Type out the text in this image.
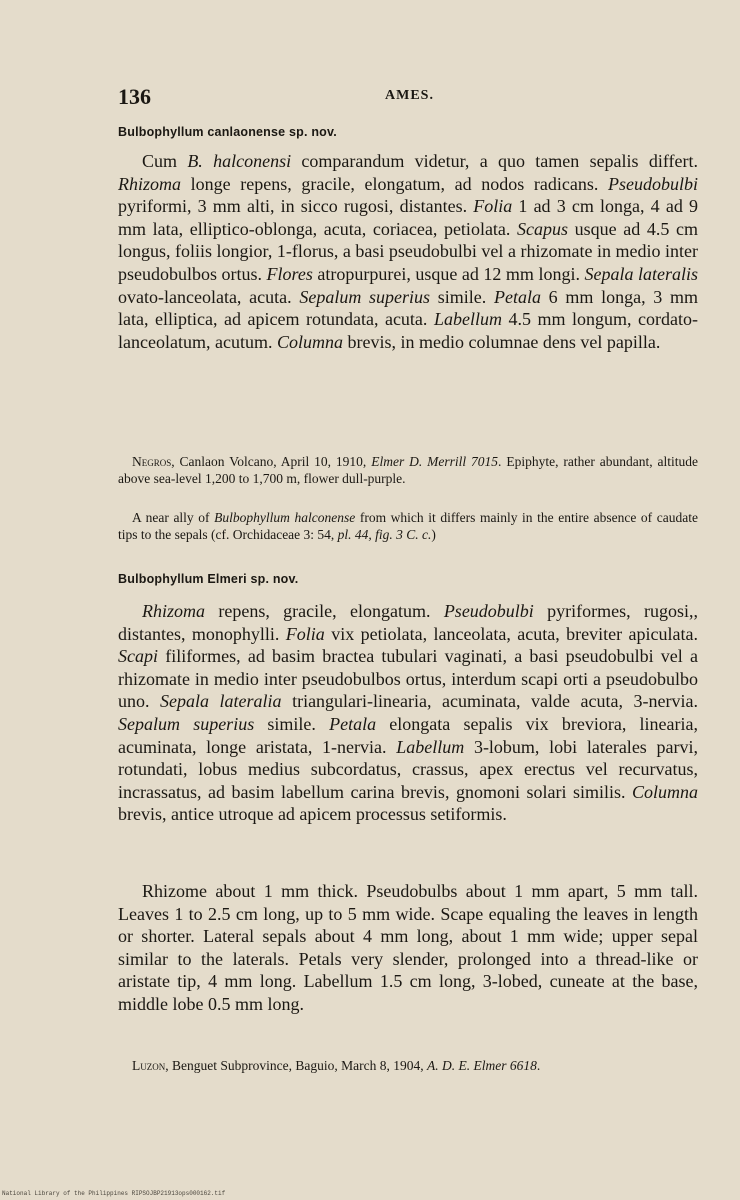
136	AMES.
Bulbophyllum canlaonense sp. nov.

Cum B. halconensi comparandum videtur, a quo tamen sepalis differt. Rhizoma longe repens, gracile, elongatum, ad nodos radicans. Pseudobulbi pyriformi, 3 mm alti, in sicco rugosi, distantes. Folia 1 ad 3 cm longa, 4 ad 9 mm lata, elliptico-oblonga, acuta, coriacea, petiolata. Scapus usque ad 4.5 cm longus, foliis longior, 1-florus, a basi pseudobulbi vel a rhizomate in medio inter pseudobulbos ortus. Flores atropurpurei, usque ad 12 mm longi. Sepala lateralis ovato-lanceolata, acuta. Sepalum superius simile. Petala 6 mm longa, 3 mm lata, elliptica, ad apicem rotundata, acuta. Labellum 4.5 mm longum, cordato-lanceolatum, acutum. Columna brevis, in medio columnae dens vel papilla.

Negros, Canlaon Volcano, April 10, 1910, Elmer D. Merrill 7015. Epiphyte, rather abundant, altitude above sea-level 1,200 to 1,700 m, flower dull-purple.

A near ally of Bulbophyllum halconense from which it differs mainly in the entire absence of caudate tips to the sepals (cf. Orchidaceae 3: 54, pl. 44, fig. 3 C. c.)

Bulbophyllum Elmeri sp. nov.

Rhizoma repens, gracile, elongatum. Pseudobulbi pyriformes, rugosi,, distantes, monophylli. Folia vix petiolata, lanceolata, acuta, breviter apiculata. Scapi filiformes, ad basim bractea tubulari vaginati, a basi pseudobulbi vel a rhizomate in medio inter pseudobulbos ortus, interdum scapi orti a pseudobulbo uno. Sepala lateralia triangulari-linearia, acuminata, valde acuta, 3-nervia. Sepalum superius simile. Petala elongata sepalis vix breviora, linearia, acuminata, longe aristata, 1-nervia. Labellum 3-lobum, lobi laterales parvi, rotundati, lobus medius subcordatus, crassus, apex erectus vel recurvatus, incrassatus, ad basim labellum carina brevis, gnomoni solari similis. Columna brevis, antice utroque ad apicem processus setiformis.

Rhizome about 1 mm thick. Pseudobulbs about 1 mm apart, 5 mm tall. Leaves 1 to 2.5 cm long, up to 5 mm wide. Scape equaling the leaves in length or shorter. Lateral sepals about 4 mm long, about 1 mm wide; upper sepal similar to the laterals. Petals very slender, prolonged into a thread-like or aristate tip, 4 mm long. Labellum 1.5 cm long, 3-lobed, cuneate at the base, middle lobe 0.5 mm long.

Luzon, Benguet Subprovince, Baguio, March 8, 1904, A. D. E. Elmer 6618.

National Library of the Philippines RIPSOJBP21913ops000162.tif
